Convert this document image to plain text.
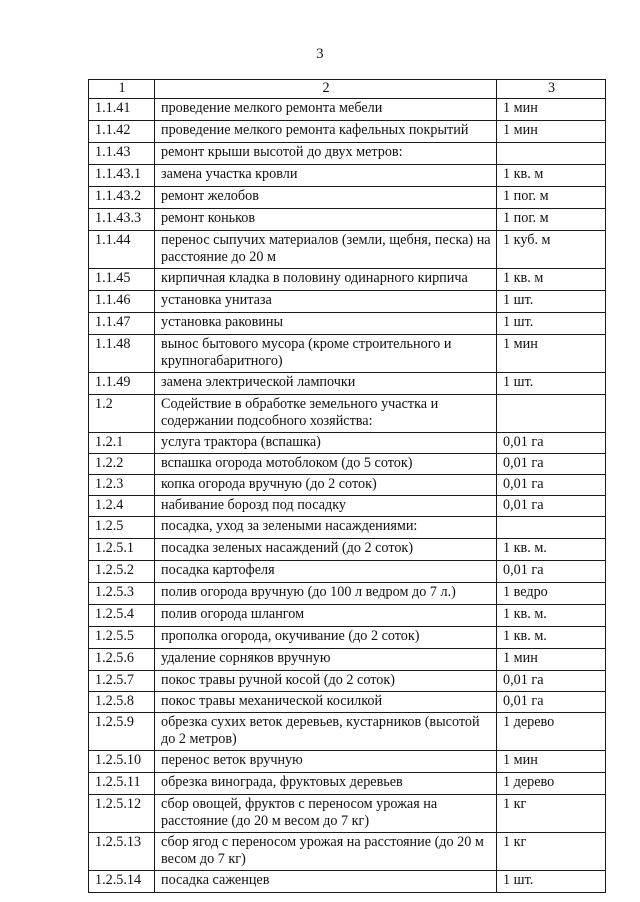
3
1	2	3
1.1.41	проведение мелкого ремонта мебели	1 мин
1.1.42	проведение мелкого ремонта кафельных покрытий	1 мин
1.1.43	ремонт крыши высотой до двух метров:	
1.1.43.1	замена участка кровли	1 кв. м
1.1.43.2	ремонт желобов	1 пог. м
1.1.43.3	ремонт коньков	1 пог. м
1.1.44	перенос сыпучих материалов (земли, щебня, песка) на расстояние до 20 м	1 куб. м
1.1.45	кирпичная кладка в половину одинарного кирпича	1 кв. м
1.1.46	установка унитаза	1 шт.
1.1.47	установка раковины	1 шт.
1.1.48	вынос бытового мусора (кроме строительного и крупногабаритного)	1 мин
1.1.49	замена электрической лампочки	1 шт.
1.2	Содействие в обработке земельного участка и содержании подсобного хозяйства:	
1.2.1	услуга трактора (вспашка)	0,01 га
1.2.2	вспашка огорода мотоблоком (до 5 соток)	0,01 га
1.2.3	копка огорода вручную (до 2 соток)	0,01 га
1.2.4	набивание борозд под посадку	0,01 га
1.2.5	посадка, уход за зелеными насаждениями:	
1.2.5.1	посадка зеленых насаждений (до 2 соток)	1 кв. м.
1.2.5.2	посадка картофеля	0,01 га
1.2.5.3	полив огорода вручную (до 100 л ведром до 7 л.)	1 ведро
1.2.5.4	полив огорода шлангом	1 кв. м.
1.2.5.5	прополка огорода, окучивание (до 2 соток)	1 кв. м.
1.2.5.6	удаление сорняков вручную	1 мин
1.2.5.7	покос травы ручной косой (до 2 соток)	0,01 га
1.2.5.8	покос травы механической косилкой	0,01 га
1.2.5.9	обрезка сухих веток деревьев, кустарников (высотой до 2 метров)	1 дерево
1.2.5.10	перенос веток вручную	1 мин
1.2.5.11	обрезка винограда, фруктовых деревьев	1 дерево
1.2.5.12	сбор овощей, фруктов с переносом урожая на расстояние (до 20 м весом до 7 кг)	1 кг
1.2.5.13	сбор ягод с переносом урожая на расстояние (до 20 м весом до 7 кг)	1 кг
1.2.5.14	посадка саженцев	1 шт.
